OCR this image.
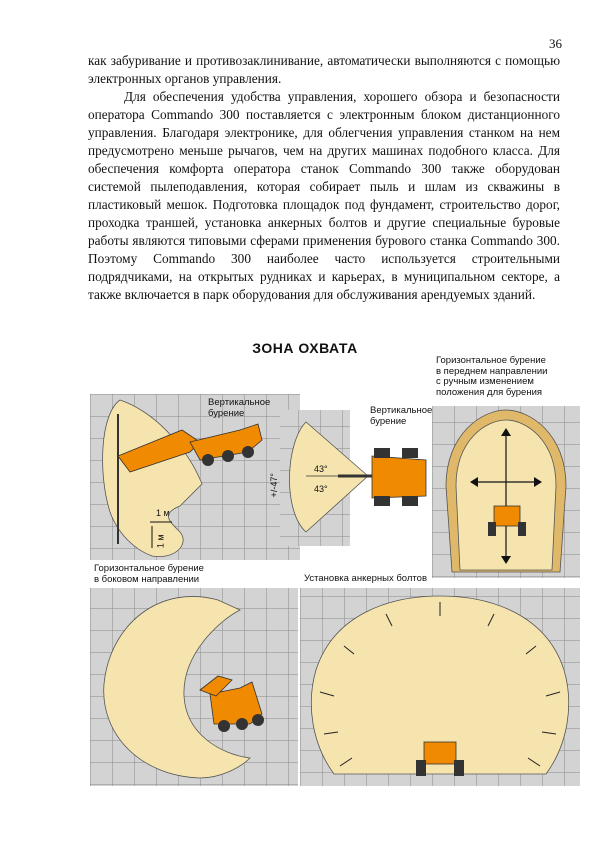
36

как забуривание и противозаклинивание, автоматически выполняются с помощью электронных органов управления.

Для обеспечения удобства управления, хорошего обзора и безопасности оператора Commando 300 поставляется с электронным блоком дистанционного управления. Благодаря электронике, для облегчения управления станком на нем предусмотрено меньше рычагов, чем на других машинах подобного класса. Для обеспечения комфорта оператора станок Commando 300 также оборудован системой пылеподавления, которая собирает пыль и шлам из скважины в пластиковый мешок. Подготовка площадок под фундамент, строительство дорог, проходка траншей, установка анкерных болтов и другие специальные буровые работы являются типовыми сферами применения бурового станка Commando 300. Поэтому Commando 300 наиболее часто используется строительными подрядчиками, на открытых рудниках и карьерах, в муниципальном секторе, а также включается в парк оборудования для обслуживания арендуемых зданий.

ЗОНА ОХВАТА
Вертикальное
бурение
1 м
1 м
Вертикальное
бурение
+/-47°
43°
43°
Горизонтальное бурение
в переднем направлении
с ручным изменением
положения для бурения
Горизонтальное бурение
в боковом направлении	Установка анкерных болтов
